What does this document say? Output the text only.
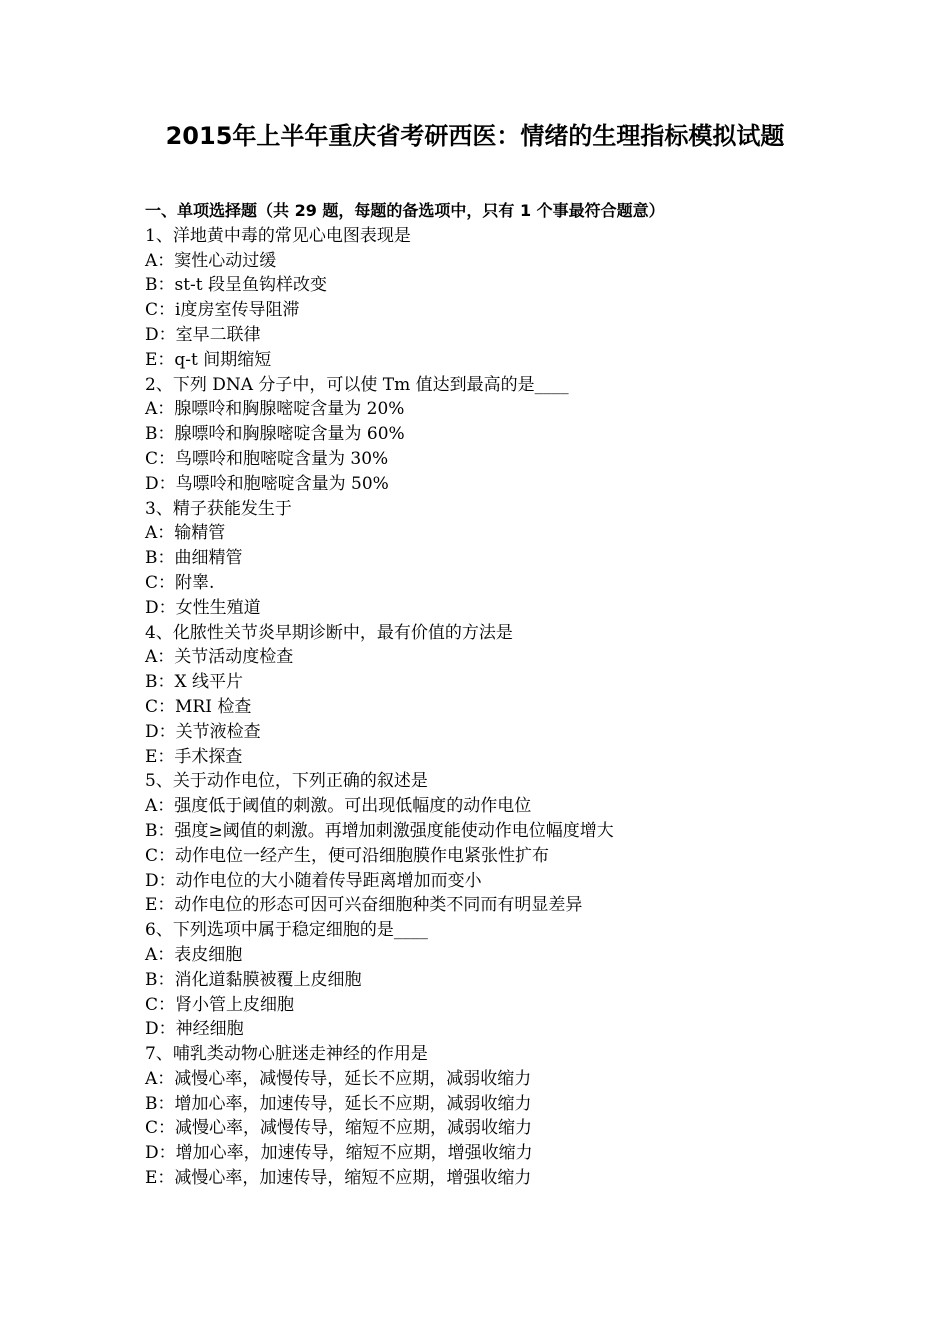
2015年上半年重庆省考研西医：情绪的生理指标模拟试题
一、单项选择题（共 29 题，每题的备选项中，只有 1 个事最符合题意）
1、洋地黄中毒的常见心电图表现是
A：窦性心动过缓
B：st-t 段呈鱼钩样改变
C：ⅰ度房室传导阻滞
D：室早二联律
E：q-t 间期缩短
2、下列 DNA 分子中，可以使 Tm 值达到最高的是____
A：腺嘌呤和胸腺嘧啶含量为 20%
B：腺嘌呤和胸腺嘧啶含量为 60%
C：鸟嘌呤和胞嘧啶含量为 30%
D：鸟嘌呤和胞嘧啶含量为 50%
3、精子获能发生于
A：输精管
B：曲细精管
C：附睾.
D：女性生殖道
4、化脓性关节炎早期诊断中，最有价值的方法是
A：关节活动度检查
B：X 线平片
C：MRI 检查
D：关节液检查
E：手术探查
5、关于动作电位，下列正确的叙述是
A：强度低于阈值的刺激。可出现低幅度的动作电位
B：强度≥阈值的刺激。再增加刺激强度能使动作电位幅度增大
C：动作电位一经产生，便可沿细胞膜作电紧张性扩布
D：动作电位的大小随着传导距离增加而变小
E：动作电位的形态可因可兴奋细胞种类不同而有明显差异
6、下列选项中属于稳定细胞的是____
A：表皮细胞
B：消化道黏膜被覆上皮细胞
C：肾小管上皮细胞
D：神经细胞
7、哺乳类动物心脏迷走神经的作用是
A：减慢心率，减慢传导，延长不应期，减弱收缩力
B：增加心率，加速传导，延长不应期，减弱收缩力
C：减慢心率，减慢传导，缩短不应期，减弱收缩力
D：增加心率，加速传导，缩短不应期，增强收缩力
E：减慢心率，加速传导，缩短不应期，增强收缩力
